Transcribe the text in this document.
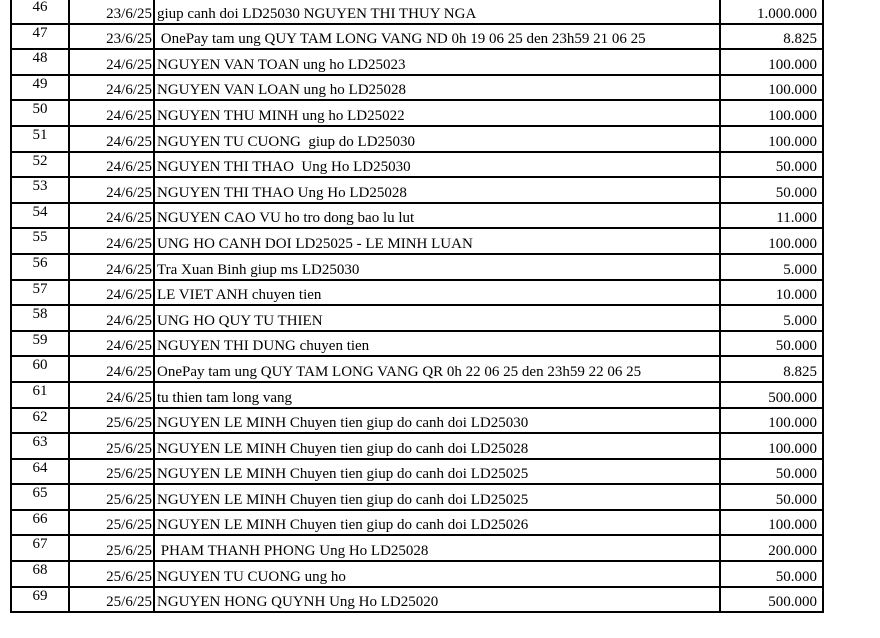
46	23/6/25	giup canh doi LD25030 NGUYEN THI THUY NGA	1.000.000
47	23/6/25	OnePay tam ung QUY TAM LONG VANG ND 0h 19 06 25 den 23h59 21 06 25	8.825
48	24/6/25	NGUYEN VAN TOAN ung ho LD25023	100.000
49	24/6/25	NGUYEN VAN LOAN ung ho LD25028	100.000
50	24/6/25	NGUYEN THU MINH ung ho LD25022	100.000
51	24/6/25	NGUYEN TU CUONG  giup do LD25030	100.000
52	24/6/25	NGUYEN THI THAO  Ung Ho LD25030	50.000
53	24/6/25	NGUYEN THI THAO Ung Ho LD25028	50.000
54	24/6/25	NGUYEN CAO VU ho tro dong bao lu lut	11.000
55	24/6/25	UNG HO CANH DOI LD25025 - LE MINH LUAN	100.000
56	24/6/25	Tra Xuan Binh giup ms LD25030	5.000
57	24/6/25	LE VIET ANH chuyen tien	10.000
58	24/6/25	UNG HO QUY TU THIEN	5.000
59	24/6/25	NGUYEN THI DUNG chuyen tien	50.000
60	24/6/25	OnePay tam ung QUY TAM LONG VANG QR 0h 22 06 25 den 23h59 22 06 25	8.825
61	24/6/25	tu thien tam long vang	500.000
62	25/6/25	NGUYEN LE MINH Chuyen tien giup do canh doi LD25030	100.000
63	25/6/25	NGUYEN LE MINH Chuyen tien giup do canh doi LD25028	100.000
64	25/6/25	NGUYEN LE MINH Chuyen tien giup do canh doi LD25025	50.000
65	25/6/25	NGUYEN LE MINH Chuyen tien giup do canh doi LD25025	50.000
66	25/6/25	NGUYEN LE MINH Chuyen tien giup do canh doi LD25026	100.000
67	25/6/25	PHAM THANH PHONG Ung Ho LD25028	200.000
68	25/6/25	NGUYEN TU CUONG ung ho	50.000
69	25/6/25	NGUYEN HONG QUYNH Ung Ho LD25020	500.000
